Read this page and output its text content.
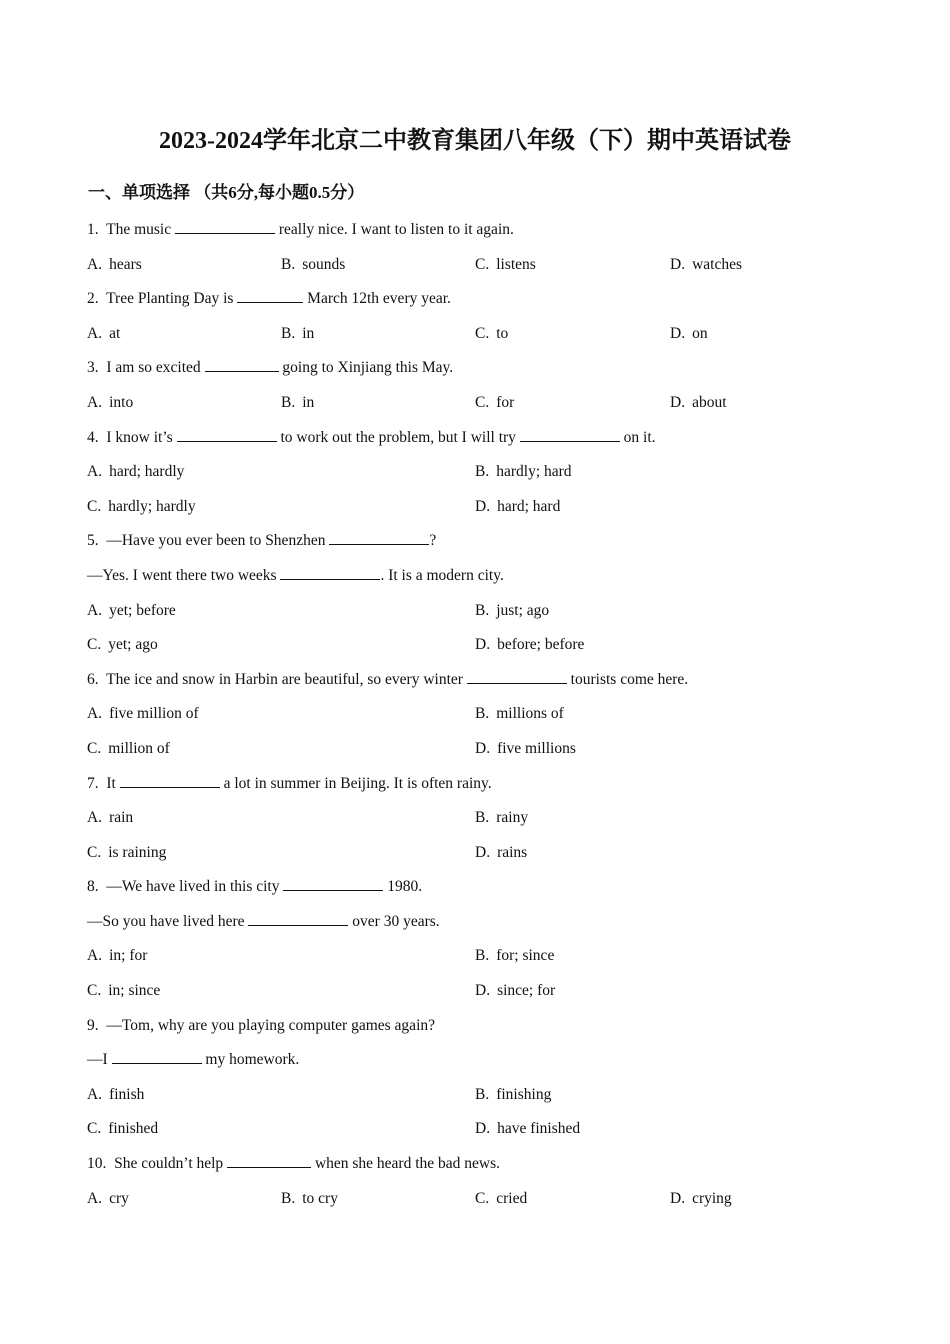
2023-2024学年北京二中教育集团八年级（下）期中英语试卷
一、单项选择 （共6分,每小题0.5分）
1. The music	really nice. I want to listen to it again.
A. hears	B. sounds	C. listens	D. watches
2. Tree Planting Day is	March 12th every year.
A. at	B. in	C. to	D. on
3. I am so excited	going to Xinjiang this May.
A. into	B. in	C. for	D. about
4. I know it’s	to work out the problem, but I will try	on it.
A. hard; hardly	B. hardly; hard
C. hardly; hardly	D. hard; hard
5. —Have you ever been to Shenzhen	?
—Yes. I went there two weeks	. It is a modern city.
A. yet; before	B. just; ago
C. yet; ago	D. before; before
6. The ice and snow in Harbin are beautiful, so every winter	tourists come here.
A. five million of	B. millions of
C. million of	D. five millions
7. It	a lot in summer in Beijing. It is often rainy.
A. rain	B. rainy
C. is raining	D. rains
8. —We have lived in this city	1980.
—So you have lived here	over 30 years.
A. in; for	B. for; since
C. in; since	D. since; for
9. —Tom, why are you playing computer games again?
—I	my homework.
A. finish	B. finishing
C. finished	D. have finished
10. She couldn’t help	when she heard the bad news.
A. cry	B. to cry	C. cried	D. crying
